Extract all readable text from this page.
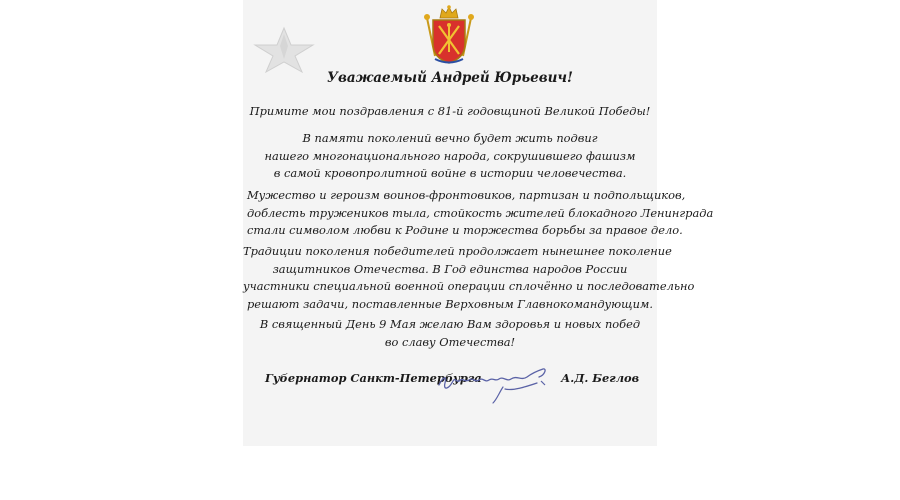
Уважаемый Андрей Юрьевич!
Примите мои поздравления с 81-й годовщиной Великой Победы!
В памяти поколений вечно будет жить подвиг
нашего многонационального народа, сокрушившего фашизм
в самой кровопролитной войне в истории человечества.
Мужество и героизм воинов-фронтовиков, партизан и подпольщиков,
доблесть тружеников тыла, стойкость жителей блокадного Ленинграда
стали символом любви к Родине и торжества борьбы за правое дело.
Традиции поколения победителей продолжает нынешнее поколение
защитников Отечества. В Год единства народов России
участники специальной военной операции сплочённо и последовательно
решают задачи, поставленные Верховным Главнокомандующим.
В священный День 9 Мая желаю Вам здоровья и новых побед
во славу Отечества!
Губернатор Санкт-Петербурга	А.Д. Беглов
